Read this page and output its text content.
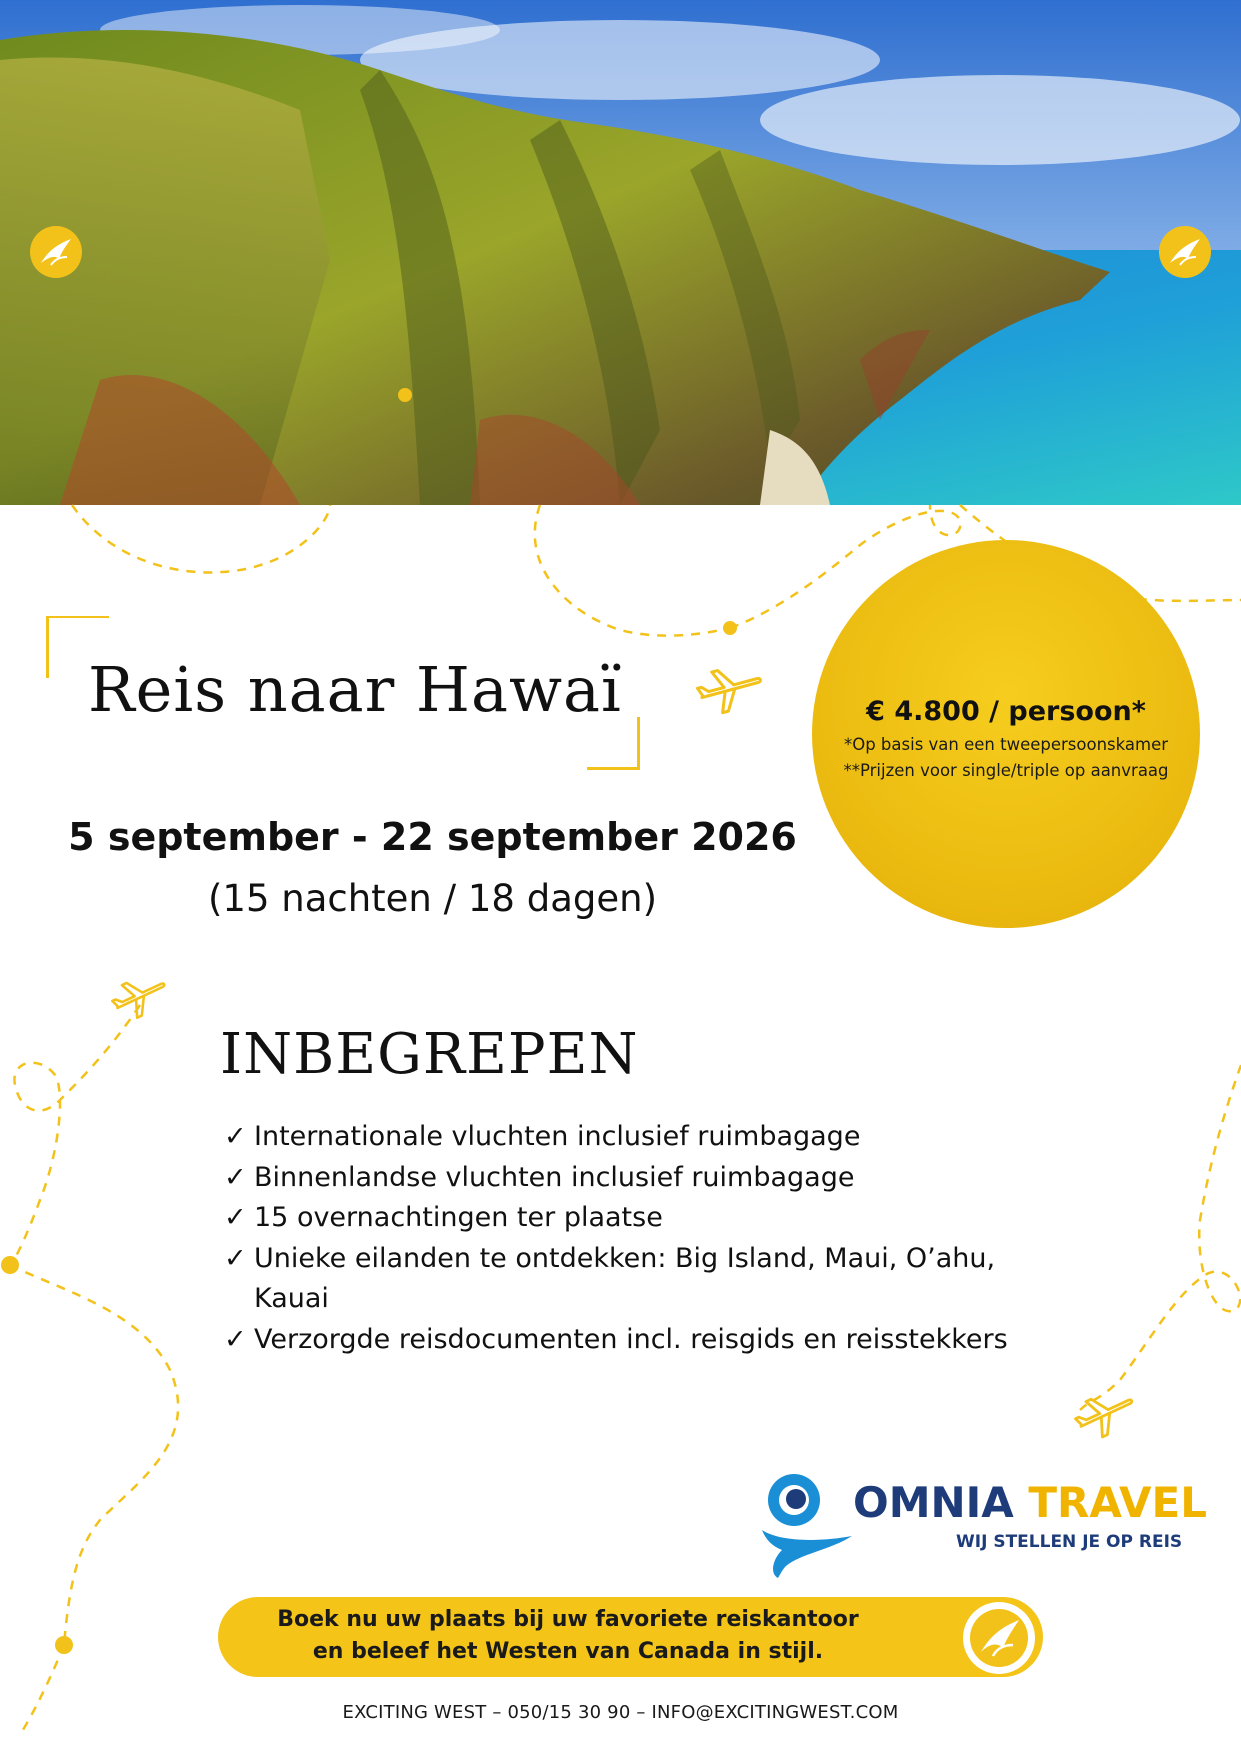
Reis naar Hawaï

5 september - 22 september 2026

(15 nachten / 18 dagen)

€ 4.800 / persoon*
*Op basis van een tweepersoonskamer
**Prijzen voor single/triple op aanvraag
INBEGREPEN
✓ Internationale vluchten inclusief ruimbagage
✓ Binnenlandse vluchten inclusief ruimbagage
✓ 15 overnachtingen ter plaatse
✓ Unieke eilanden te ontdekken: Big Island, Maui, O’ahu, Kauai
✓ Verzorgde reisdocumenten incl. reisgids en reisstekkers
OMNIA TRAVEL
WIJ STELLEN JE OP REIS
Boek nu uw plaats bij uw favoriete reiskantoor
en beleef het Westen van Canada in stijl.
EXCITING WEST – 050/15 30 90 – INFO@EXCITINGWEST.COM
